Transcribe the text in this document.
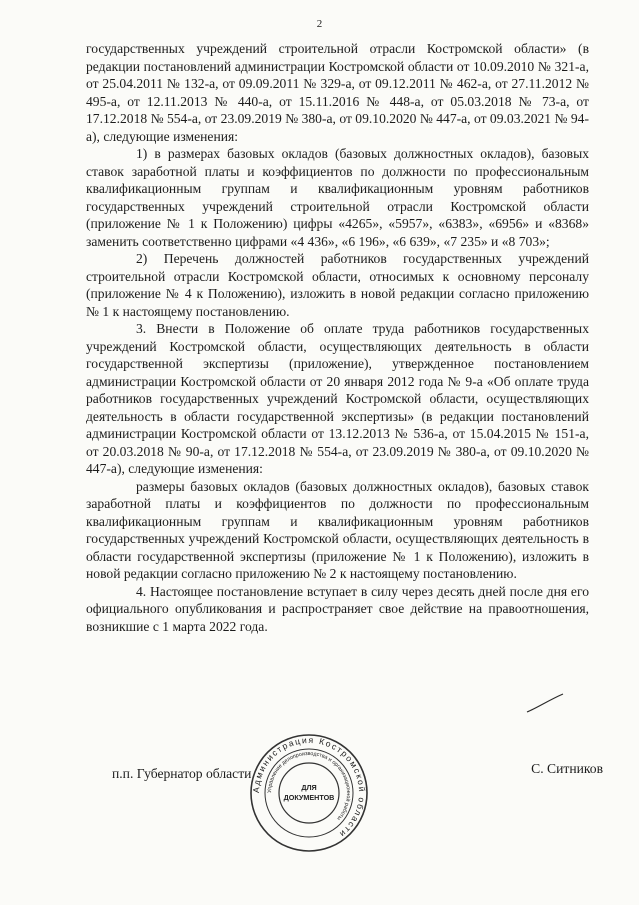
2

государственных учреждений строительной отрасли Костромской области» (в редакции постановлений администрации Костромской области от 10.09.2010 № 321-а, от 25.04.2011 № 132-а, от 09.09.2011 № 329-а, от 09.12.2011 № 462-а, от 27.11.2012 № 495-а, от 12.11.2013 № 440-а, от 15.11.2016 № 448-а, от 05.03.2018 № 73-а, от 17.12.2018 № 554-а, от 23.09.2019 № 380-а, от 09.10.2020 № 447-а, от 09.03.2021 № 94-а), следующие изменения:

1) в размерах базовых окладов (базовых должностных окладов), базовых ставок заработной платы и коэффициентов по должности по профессиональным квалификационным группам и квалификационным уровням работников государственных учреждений строительной отрасли Костромской области (приложение № 1 к Положению) цифры «4265», «5957», «6383», «6956» и «8368» заменить соответственно цифрами «4 436», «6 196», «6 639», «7 235» и «8 703»;

2) Перечень должностей работников государственных учреждений строительной отрасли Костромской области, относимых к основному персоналу (приложение № 4 к Положению), изложить в новой редакции согласно приложению № 1 к настоящему постановлению.

3. Внести в Положение об оплате труда работников государственных учреждений Костромской области, осуществляющих деятельность в области государственной экспертизы (приложение), утвержденное постановлением администрации Костромской области от 20 января 2012 года № 9-а «Об оплате труда работников государственных учреждений Костромской области, осуществляющих деятельность в области государственной экспертизы» (в редакции постановлений администрации Костромской области от 13.12.2013 № 536-а, от 15.04.2015 № 151-а, от 20.03.2018 № 90-а, от 17.12.2018 № 554-а, от 23.09.2019 № 380-а, от 09.10.2020 № 447-а), следующие изменения:

размеры базовых окладов (базовых должностных окладов), базовых ставок заработной платы и коэффициентов по должности по профессиональным квалификационным группам и квалификационным уровням работников государственных учреждений Костромской области, осуществляющих деятельность в области государственной экспертизы (приложение № 1 к Положению), изложить в новой редакции согласно приложению № 2 к настоящему постановлению.

4. Настоящее постановление вступает в силу через десять дней после дня его официального опубликования и распространяет свое действие на правоотношения, возникшие с 1 марта 2022 года.

п.п. Губернатор области	С. Ситников
Администрация Костромской области
Управление делопроизводства и организационной работы
ДЛЯ
ДОКУМЕНТОВ
